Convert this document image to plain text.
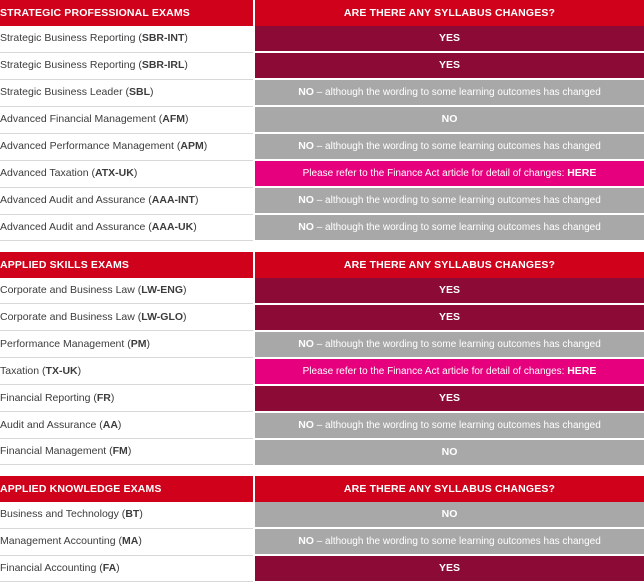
STRATEGIC PROFESSIONAL EXAMS	ARE THERE ANY SYLLABUS CHANGES?
Strategic Business Reporting (SBR-INT)	YES
Strategic Business Reporting (SBR-IRL)	YES
Strategic Business Leader (SBL)	NO – although the wording to some learning outcomes has changed
Advanced Financial Management (AFM)	NO
Advanced Performance Management (APM)	NO – although the wording to some learning outcomes has changed
Advanced Taxation (ATX-UK)	Please refer to the Finance Act article for detail of changes: HERE
Advanced Audit and Assurance (AAA-INT)	NO – although the wording to some learning outcomes has changed
Advanced Audit and Assurance (AAA-UK)	NO – although the wording to some learning outcomes has changed
APPLIED SKILLS EXAMS	ARE THERE ANY SYLLABUS CHANGES?
Corporate and Business Law (LW-ENG)	YES
Corporate and Business Law (LW-GLO)	YES
Performance Management (PM)	NO – although the wording to some learning outcomes has changed
Taxation (TX-UK)	Please refer to the Finance Act article for detail of changes: HERE
Financial Reporting (FR)	YES
Audit and Assurance (AA)	NO – although the wording to some learning outcomes has changed
Financial Management (FM)	NO
APPLIED KNOWLEDGE EXAMS	ARE THERE ANY SYLLABUS CHANGES?
Business and Technology (BT)	NO
Management Accounting (MA)	NO – although the wording to some learning outcomes has changed
Financial Accounting (FA)	YES
